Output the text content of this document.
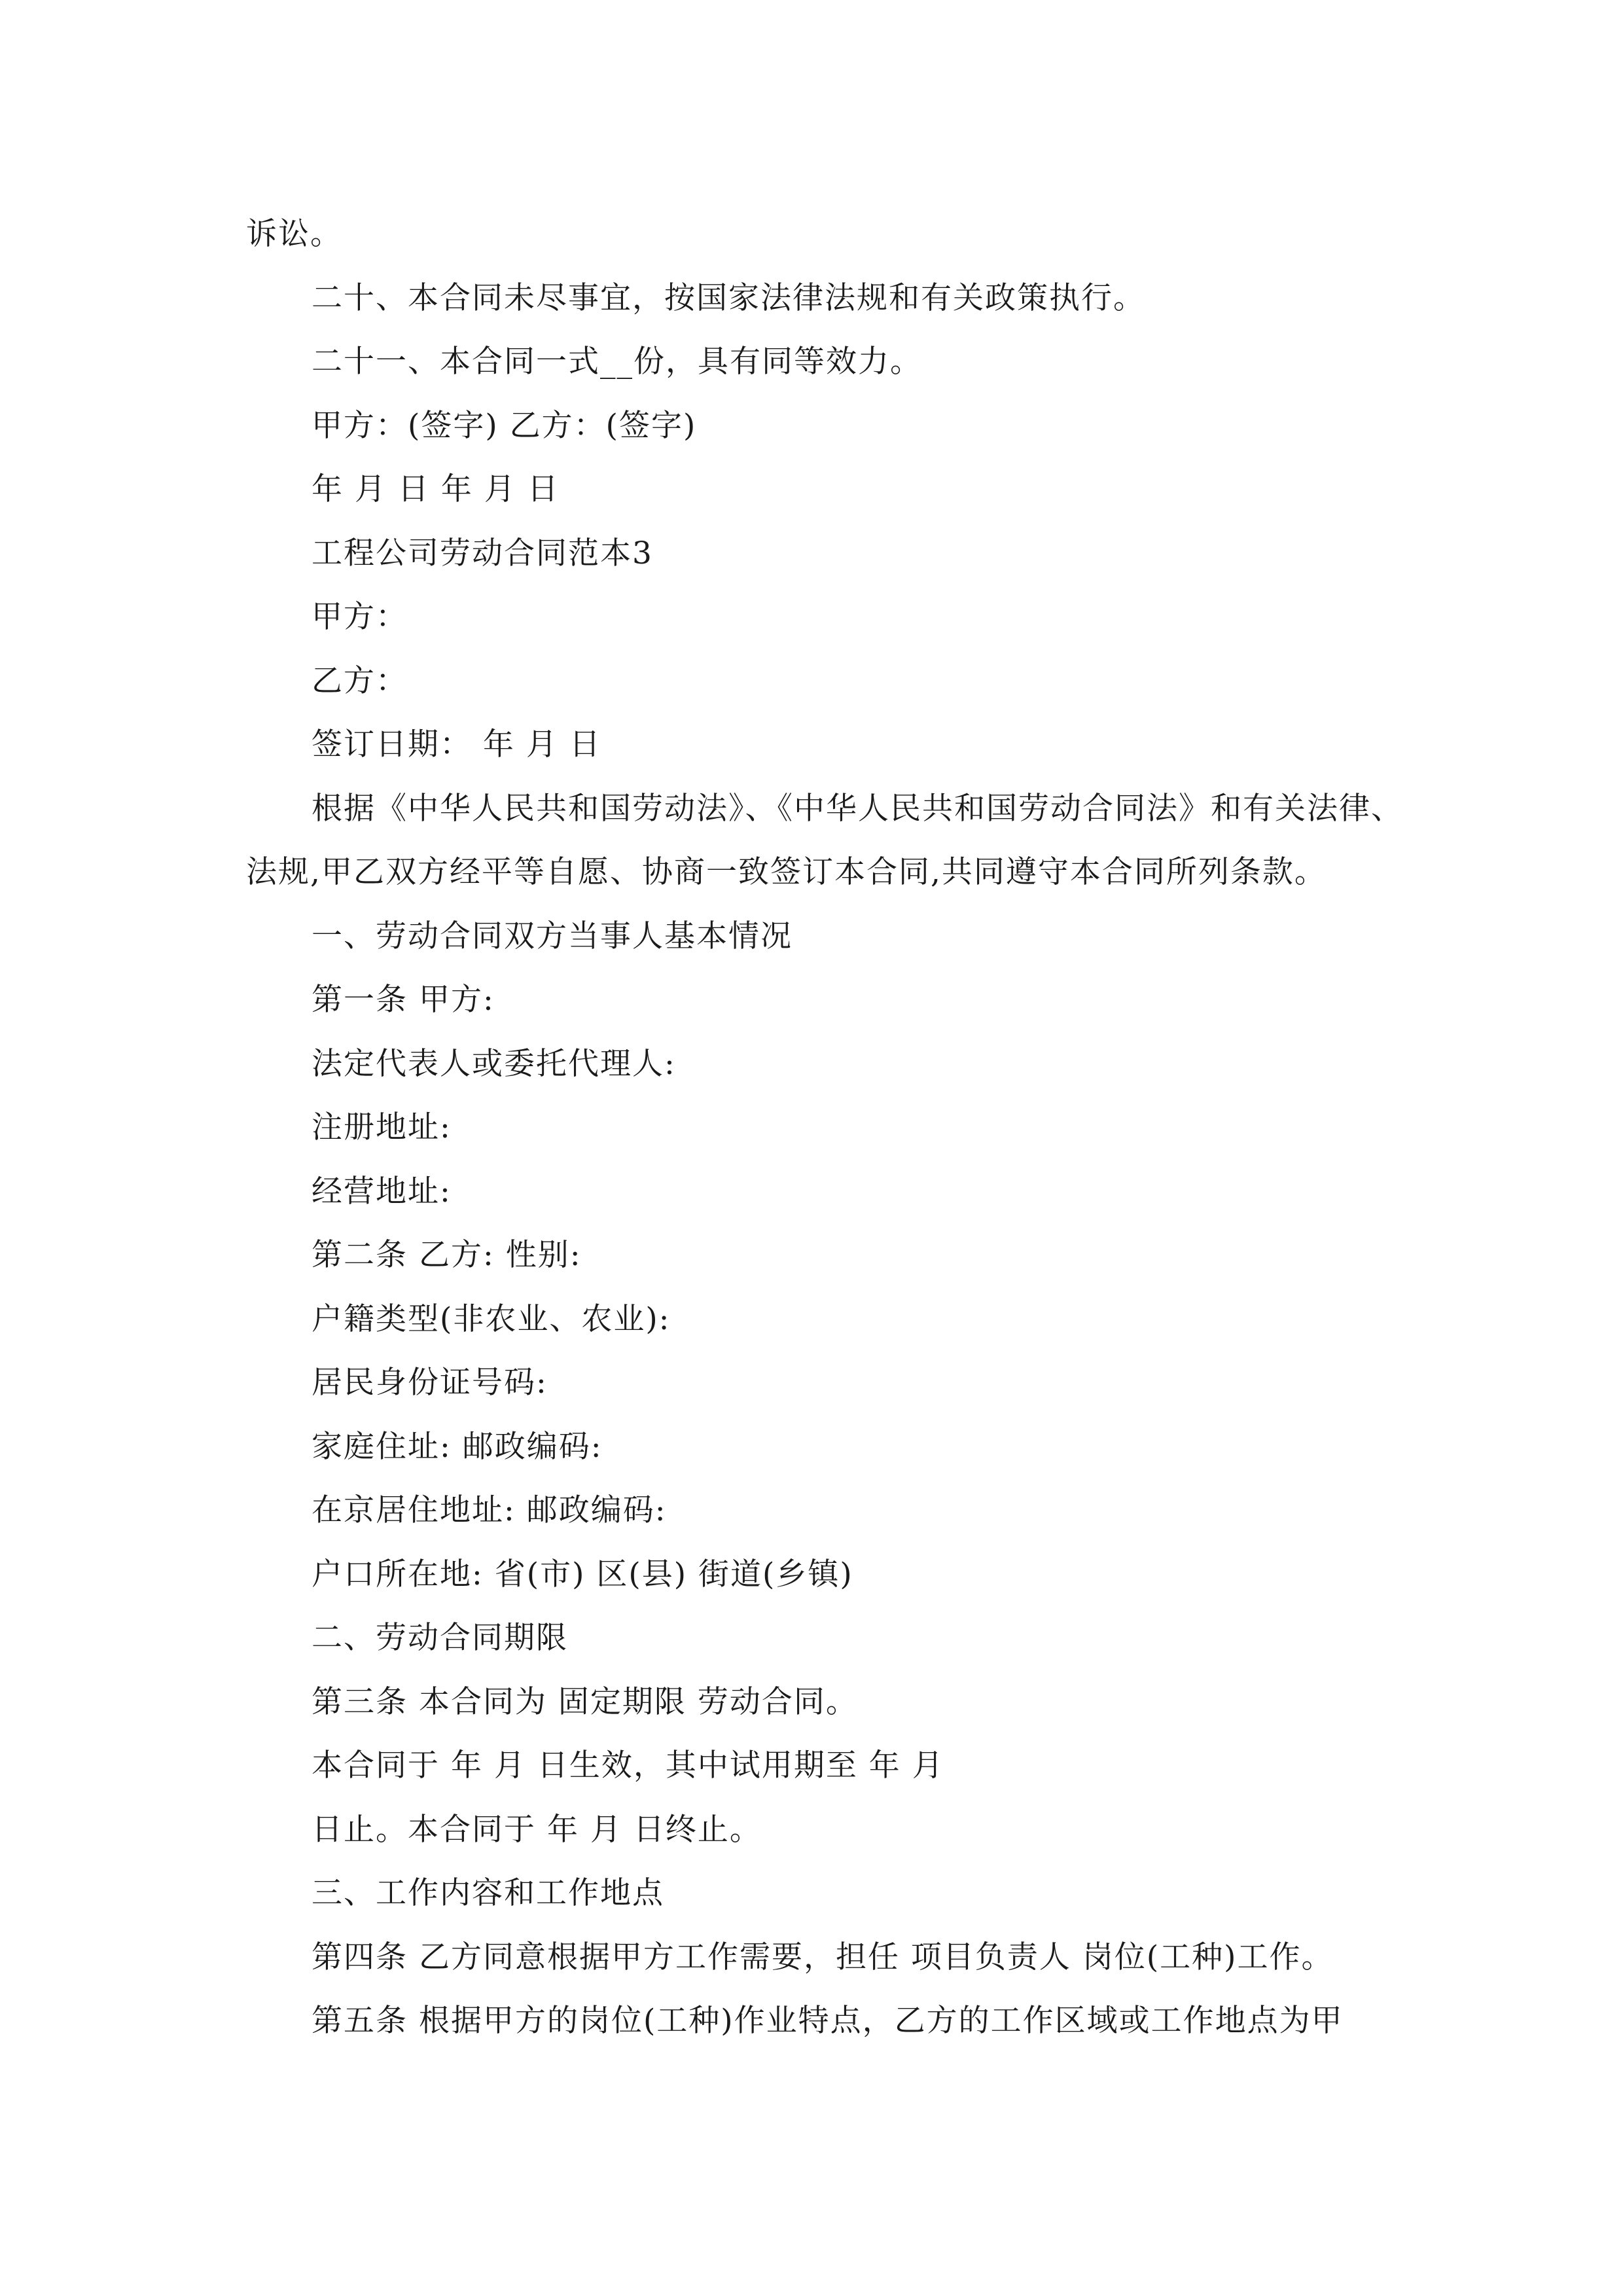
诉讼。
二十、本合同未尽事宜，按国家法律法规和有关政策执行。
二十一、本合同一式__份，具有同等效力。
甲方：(签字) 乙方：(签字)
年 月 日 年 月 日
工程公司劳动合同范本3
甲方：
乙方：
签订日期： 年 月 日
根据《中华人民共和国劳动法》、《中华人民共和国劳动合同法》和有关法律、
法规,甲乙双方经平等自愿、协商一致签订本合同,共同遵守本合同所列条款。
一、劳动合同双方当事人基本情况
第一条 甲方:
法定代表人或委托代理人:
注册地址:
经营地址:
第二条 乙方: 性别:
户籍类型(非农业、农业):
居民身份证号码:
家庭住址: 邮政编码:
在京居住地址: 邮政编码:
户口所在地: 省(市) 区(县) 街道(乡镇)
二、劳动合同期限
第三条 本合同为 固定期限 劳动合同。
本合同于 年 月 日生效，其中试用期至 年 月
日止。本合同于 年 月 日终止。
三、工作内容和工作地点
第四条 乙方同意根据甲方工作需要，担任 项目负责人 岗位(工种)工作。
第五条 根据甲方的岗位(工种)作业特点，乙方的工作区域或工作地点为甲
